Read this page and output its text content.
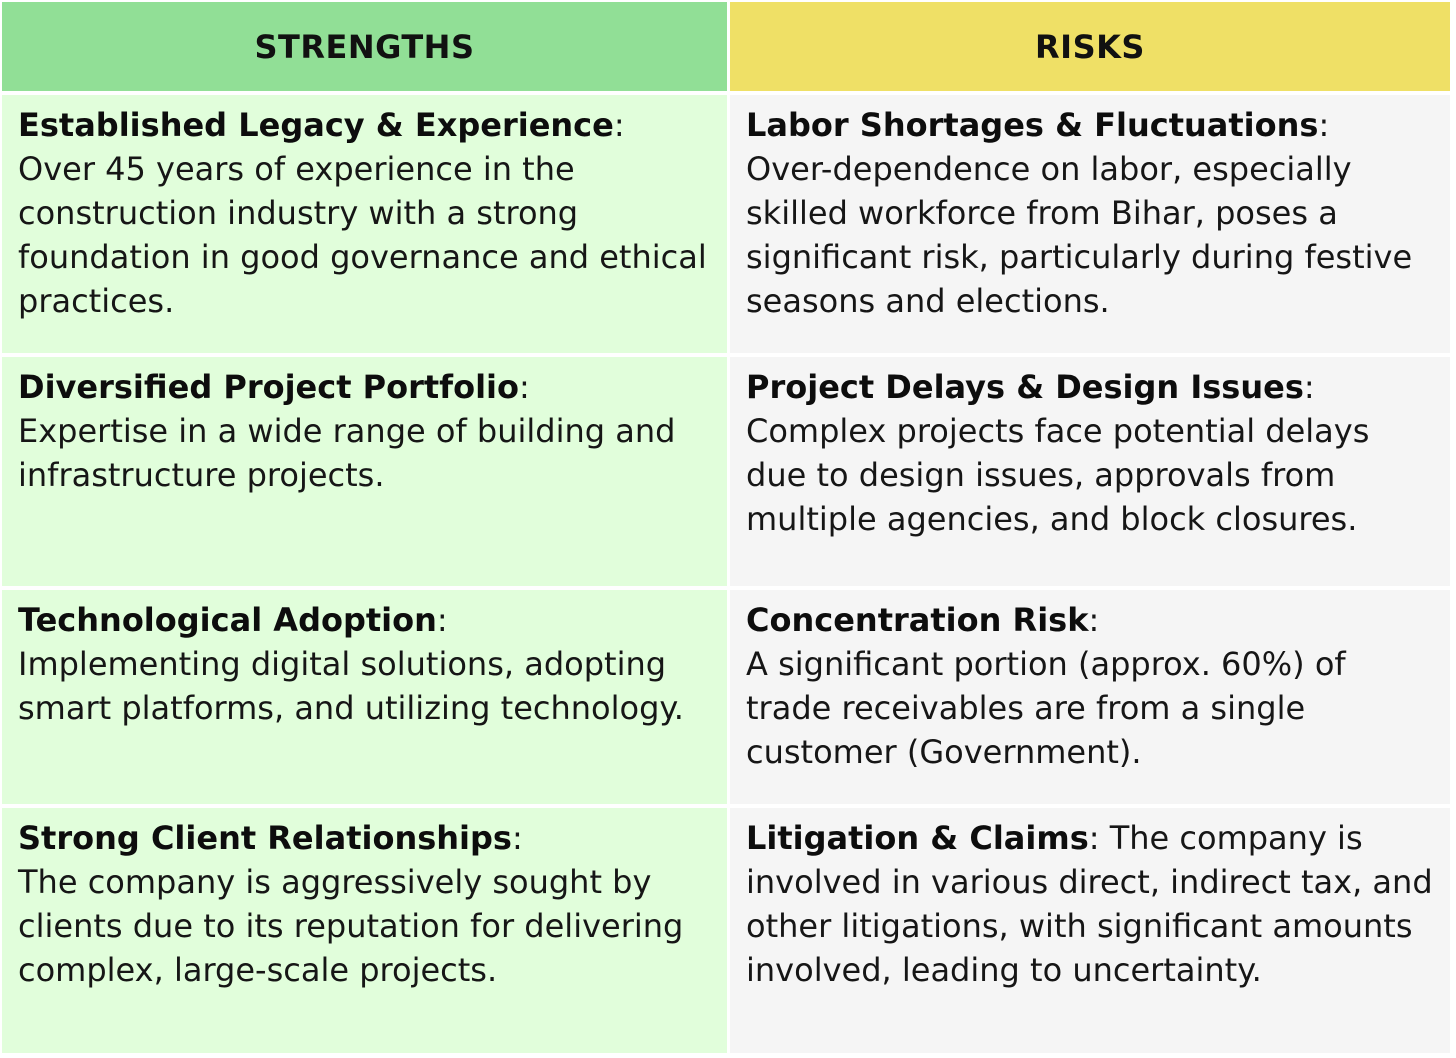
STRENGTHS	RISKS
Established Legacy & Experience:
Over 45 years of experience in the construction industry with a strong foundation in good governance and ethical practices.
Labor Shortages & Fluctuations:
Over-dependence on labor, especially skilled workforce from Bihar, poses a significant risk, particularly during festive seasons and elections.
Diversified Project Portfolio:
Expertise in a wide range of building and infrastructure projects.
Project Delays & Design Issues:
Complex projects face potential delays due to design issues, approvals from multiple agencies, and block closures.
Technological Adoption:
Implementing digital solutions, adopting smart platforms, and utilizing technology.
Concentration Risk:
A significant portion (approx. 60%) of trade receivables are from a single customer (Government).
Strong Client Relationships:
The company is aggressively sought by clients due to its reputation for delivering complex, large-scale projects.
Litigation & Claims: The company is involved in various direct, indirect tax, and other litigations, with significant amounts involved, leading to uncertainty.
